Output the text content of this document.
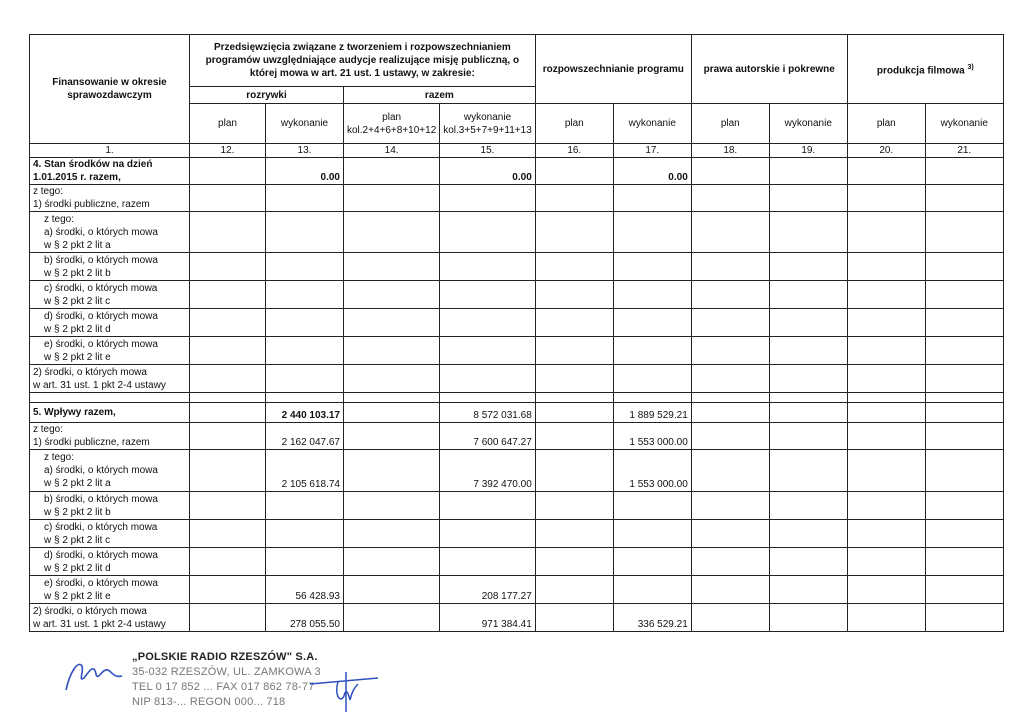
Finansowanie w okresie sprawozdawczym	Przedsięwzięcia związane z tworzeniem i rozpowszechnianiem programów uwzględniające audycje realizujące misję publiczną, o której mowa w art. 21 ust. 1 ustawy, w zakresie:				rozpowszechnianie programu		prawa autorskie i pokrewne		produkcja filmowa $^{3)}$
	rozrywki		razem							
	plan	wykonanie	plan kol.2+4+6+8+10+12	wykonanie kol.3+5+7+9+11+13	plan	wykonanie	plan	wykonanie	plan	wykonanie
1.	12.	13.	14.	15.	16.	17.	18.	19.	20.	21.

4. Stan środków na dzień
1.01.2015 r. razem,		0.00		0.00		0.00				

z tego:
1) środki publiczne, razem										

z tego:
a) środki, o których mowa
w § 2 pkt 2 lit a										

b) środki, o których mowa
w § 2 pkt 2 lit b										

c) środki, o których mowa
w § 2 pkt 2 lit c										

d) środki, o których mowa
w § 2 pkt 2 lit d										

e) środki, o których mowa
w § 2 pkt 2 lit e										

2) środki, o których mowa
w art. 31 ust. 1 pkt 2-4 ustawy										

5. Wpływy razem,		2 440 103.17		8 572 031.68		1 889 529.21				

z tego:
1) środki publiczne, razem		2 162 047.67		7 600 647.27		1 553 000.00				

z tego:
a) środki, o których mowa
w § 2 pkt 2 lit a		2 105 618.74		7 392 470.00		1 553 000.00				

b) środki, o których mowa
w § 2 pkt 2 lit b										

c) środki, o których mowa
w § 2 pkt 2 lit c										

d) środki, o których mowa
w § 2 pkt 2 lit d										

e) środki, o których mowa
w § 2 pkt 2 lit e		56 428.93		208 177.27						

2) środki, o których mowa
w art. 31 ust. 1 pkt 2-4 ustawy		278 055.50		971 384.41		336 529.21				
„POLSKIE RADIO RZESZÓW" S.A.
35-032 RZESZÓW, UL. ZAMKOWA 3
TEL 0 17 852 ... FAX 017 862 78-77
NIP 813-... REGON 000... 718
